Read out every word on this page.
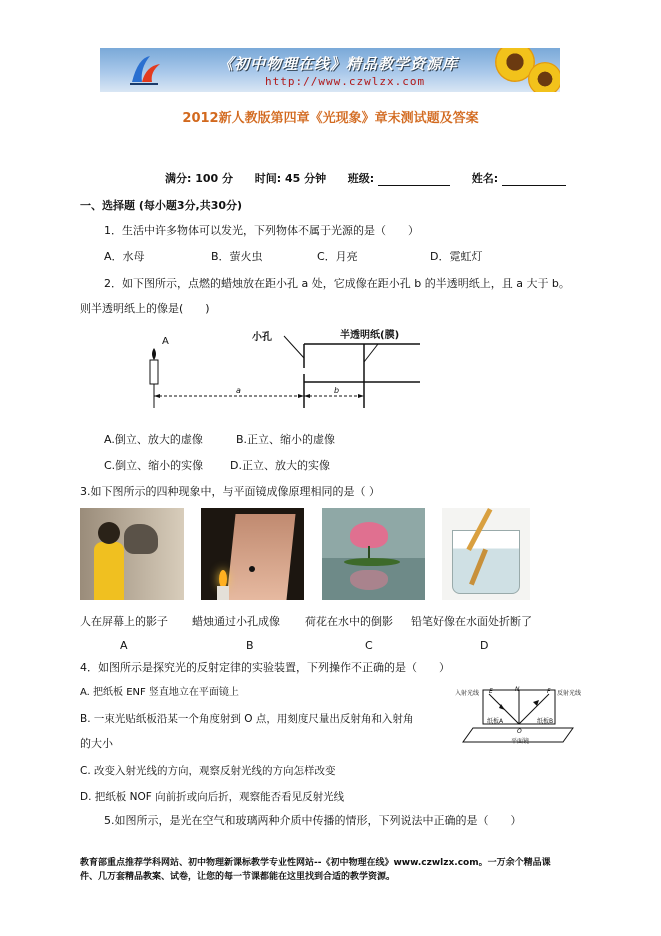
《初中物理在线》精品教学资源库
http://www.czwlzx.com
2012新人教版第四章《光现象》章末测试题及答案
满分: 100 分 时间: 45 分钟 班级:	姓名:
一、选择题 (每小题3分,共30分)
1．生活中许多物体可以发光，下列物体不属于光源的是（　　）
A．水母	B．萤火虫	C．月亮	D．霓虹灯
2．如下图所示，点燃的蜡烛放在距小孔 a 处，它成像在距小孔 b 的半透明纸上，且 a 大于 b。
则半透明纸上的像是(　　)
A	小孔	半透明纸(膜)
a	b
A.倒立、放大的虚像	B.正立、缩小的虚像
C.倒立、缩小的实像 D.正立、放大的实像
3.如下图所示的四种现象中，与平面镜成像原理相同的是（ ）
人在屏幕上的影子 蜡烛通过小孔成像 荷花在水中的倒影 铅笔好像在水面处折断了
A	B	C	D
4．如图所示是探究光的反射定律的实验装置，下列操作不正确的是（　　）
A. 把纸板 ENF 竖直地立在平面镜上
B. 一束光贴纸板沿某一个角度射到 O 点，用刻度尺量出反射角和入射角
的大小
C. 改变入射光线的方向，观察反射光线的方向怎样改变
D. 把纸板 NOF 向前折或向后折，观察能否看见反射光线
入射光线	反射光线
E	N	F
纸板A	纸板B
O
平面镜
5.如图所示，是光在空气和玻璃两种介质中传播的情形，下列说法中正确的是（　　）
教育部重点推荐学科网站、初中物理新课标教学专业性网站--《初中物理在线》www.czwlzx.com。一万余个精品课
件、几万套精品教案、试卷，让您的每一节课都能在这里找到合适的教学资源。
